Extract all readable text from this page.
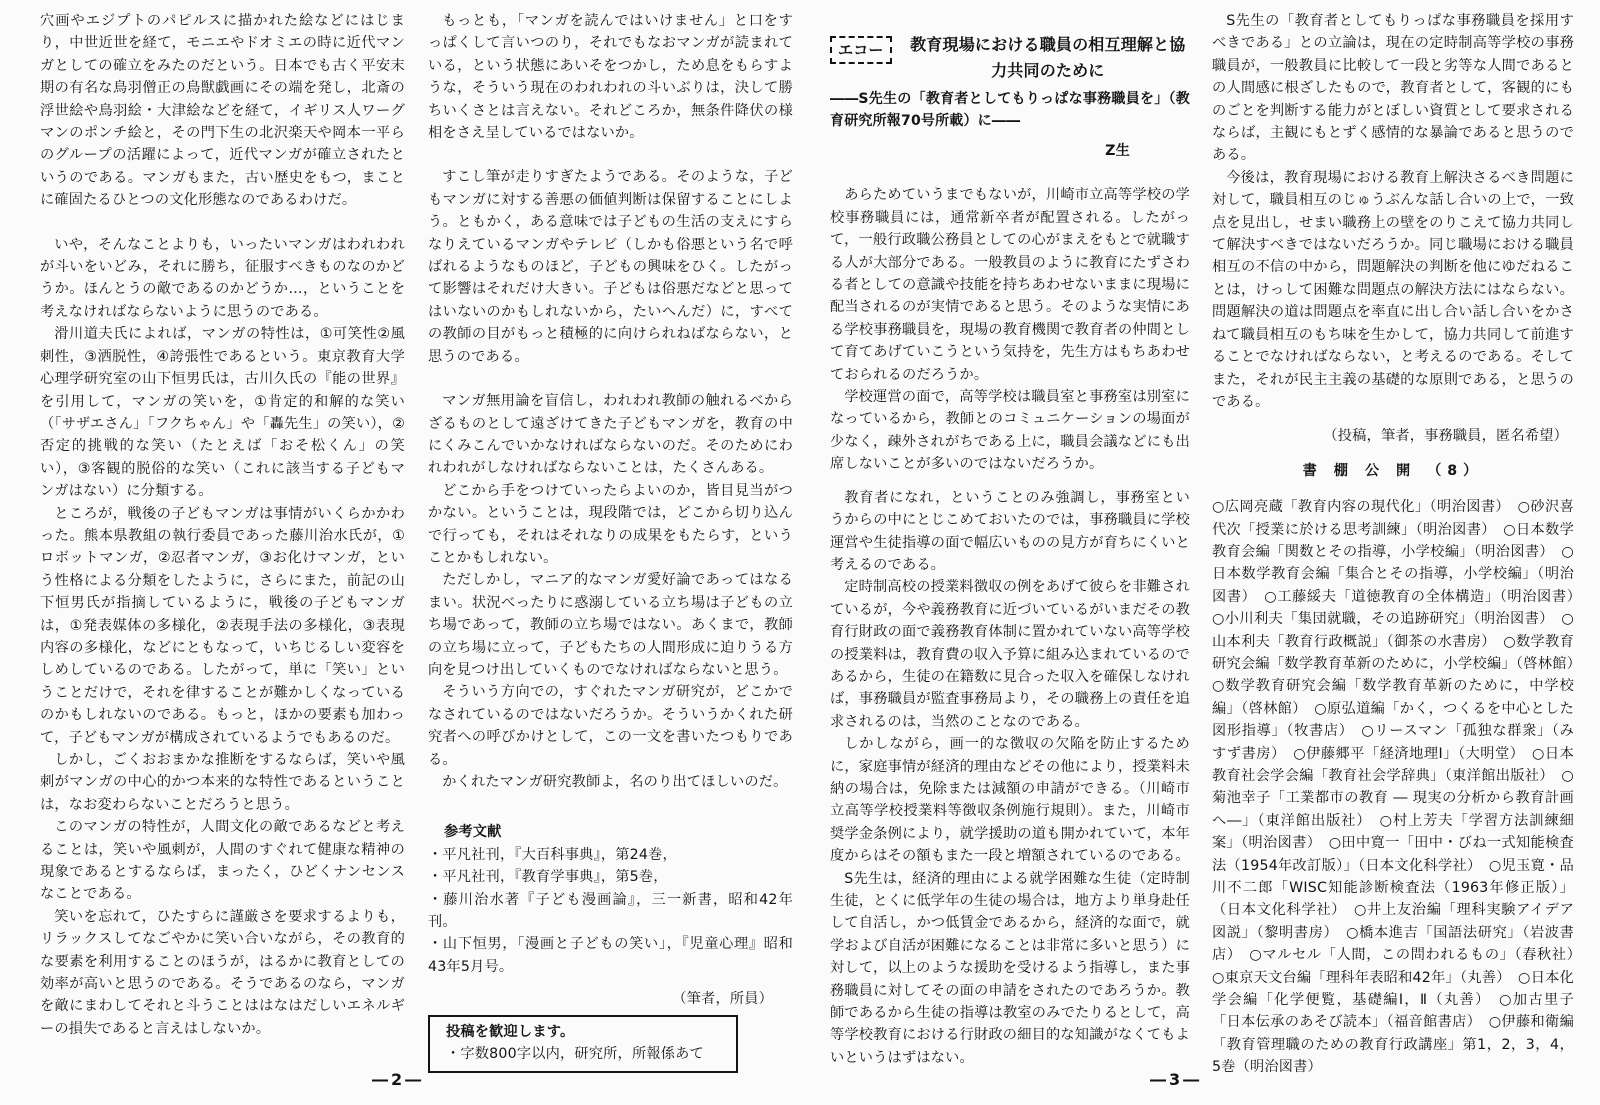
穴画やエジプトのパピルスに描かれた絵などにはじまり，中世近世を経て，モニエやドオミエの時に近代マンガとしての確立をみたのだという。日本でも古く平安末期の有名な鳥羽僧正の鳥獣戯画にその端を発し，北斎の浮世絵や鳥羽絵・大津絵などを経て，イギリス人ワーグマンのポンチ絵と，その門下生の北沢楽天や岡本一平らのグループの活躍によって，近代マンガが確立されたというのである。マンガもまた，古い歴史をもつ，まことに確固たるひとつの文化形態なのであるわけだ。

いや，そんなことよりも，いったいマンガはわれわれが斗いをいどみ，それに勝ち，征服すべきものなのかどうか。ほんとうの敵であるのかどうか…，ということを考えなければならないように思うのである。

滑川道夫氏によれば，マンガの特性は，①可笑性②風刺性，③洒脱性，④誇張性であるという。東京教育大学心理学研究室の山下恒男氏は，古川久氏の『能の世界』を引用して，マンガの笑いを，①肯定的和解的な笑い（「サザエさん」「フクちゃん」や「轟先生」の笑い），②否定的挑戦的な笑い（たとえば「おそ松くん」の笑い），③客観的脱俗的な笑い（これに該当する子どもマンガはない）に分類する。

ところが，戦後の子どもマンガは事情がいくらかかわった。熊本県教組の執行委員であった藤川治水氏が，①ロボットマンガ，②忍者マンガ，③お化けマンガ，という性格による分類をしたように，さらにまた，前記の山下恒男氏が指摘しているように，戦後の子どもマンガは，①発表媒体の多様化，②表現手法の多様化，③表現内容の多様化，などにともなって，いちじるしい変容をしめしているのである。したがって，単に「笑い」ということだけで，それを律することが難かしくなっているのかもしれないのである。もっと，ほかの要素も加わって，子どもマンガが構成されているようでもあるのだ。

しかし，ごくおおまかな推断をするならば，笑いや風刺がマンガの中心的かつ本来的な特性であるということは，なお変わらないことだろうと思う。

このマンガの特性が，人間文化の敵であるなどと考えることは，笑いや風刺が，人間のすぐれて健康な精神の現象であるとするならば，まったく，ひどくナンセンスなことである。

笑いを忘れて，ひたすらに謹厳さを要求するよりも，リラックスしてなごやかに笑い合いながら，その教育的な要素を利用することのほうが，はるかに教育としての効率が高いと思うのである。そうであるのなら，マンガを敵にまわしてそれと斗うことははなはだしいエネルギーの損失であると言えはしないか。

もっとも，「マンガを読んではいけません」と口をすっぱくして言いつのり，それでもなおマンガが読まれている，という状態にあいそをつかし，ため息をもらすような，そういう現在のわれわれの斗いぶりは，決して勝ちいくさとは言えない。それどころか，無条件降伏の様相をさえ呈しているではないか。

すこし筆が走りすぎたようである。そのような，子どもマンガに対する善悪の価値判断は保留することにしよう。ともかく，ある意味では子どもの生活の支えにすらなりえているマンガやテレビ（しかも俗悪という名で呼ばれるようなものほど，子どもの興味をひく。したがって影響はそれだけ大きい。子どもは俗悪だなどと思ってはいないのかもしれないから，たいへんだ）に，すべての教師の目がもっと積極的に向けられねばならない，と思うのである。

マンガ無用論を盲信し，われわれ教師の触れるべからざるものとして遠ざけてきた子どもマンガを，教育の中にくみこんでいかなければならないのだ。そのためにわれわれがしなければならないことは，たくさんある。

どこから手をつけていったらよいのか，皆目見当がつかない。ということは，現段階では，どこから切り込んで行っても，それはそれなりの成果をもたらす，ということかもしれない。

ただしかし，マニア的なマンガ愛好論であってはなるまい。状況べったりに惑溺している立ち場は子どもの立ち場であって，教師の立ち場ではない。あくまで，教師の立ち場に立って，子どもたちの人間形成に迫りうる方向を見つけ出していくものでなければならないと思う。

そういう方向での，すぐれたマンガ研究が，どこかでなされているのではないだろうか。そういうかくれた研究者への呼びかけとして，この一文を書いたつもりである。

かくれたマンガ研究教師よ，名のり出てほしいのだ。

参考文献

・平凡社刊，『大百科事典』，第24巻，

・平凡社刊，『教育学事典』，第5巻，

・藤川治水著『子ども漫画論』，三一新書，昭和42年刊。

・山下恒男，「漫画と子どもの笑い」，『児童心理』昭和43年5月号。

（筆者，所員）
投稿を歓迎します。
・字数800字以内，研究所，所報係あて
エコー	教育現場における職員の相互理解と協力共同のために
――S先生の「教育者としてもりっぱな事務職員を」（教育研究所報70号所載）に――
Z生

あらためていうまでもないが，川崎市立高等学校の学校事務職員には，通常新卒者が配置される。したがって，一般行政職公務員としての心がまえをもとで就職する人が大部分である。一般教員のように教育にたずさわる者としての意識や技能を持ちあわせないままに現場に配当されるのが実情であると思う。そのような実情にある学校事務職員を，現場の教育機関で教育者の仲間として育てあげていこうという気持を，先生方はもちあわせておられるのだろうか。

学校運営の面で，高等学校は職員室と事務室は別室になっているから，教師とのコミュニケーションの場面が少なく，疎外されがちである上に，職員会議などにも出席しないことが多いのではないだろうか。

教育者になれ，ということのみ強調し，事務室というからの中にとじこめておいたのでは，事務職員に学校運営や生徒指導の面で幅広いものの見方が育ちにくいと考えるのである。

定時制高校の授業料徴収の例をあげて彼らを非難されているが，今や義務教育に近づいているがいまだその教育行財政の面で義務教育体制に置かれていない高等学校の授業料は，教育費の収入予算に組み込まれているのであるから，生徒の在籍数に見合った収入を確保しなければ，事務職員が監査事務局より，その職務上の責任を追求されるのは，当然のことなのである。

しかしながら，画一的な徴収の欠陥を防止するために，家庭事情が経済的理由などその他により，授業料未納の場合は，免除または減額の申請ができる。（川崎市立高等学校授業料等徴収条例施行規則）。また，川崎市奨学金条例により，就学援助の道も開かれていて，本年度からはその額もまた一段と増額されているのである。

S先生は，経済的理由による就学困難な生徒（定時制生徒，とくに低学年の生徒の場合は，地方より単身赴任して自活し，かつ低賃金であるから，経済的な面で，就学および自活が困難になることは非常に多いと思う）に対して，以上のような援助を受けるよう指導し，また事務職員に対してその面の申請をされたのであろうか。教師であるから生徒の指導は教室のみでたりるとして，高等学校教育における行財政の細目的な知識がなくてもよいというはずはない。

S先生の「教育者としてもりっぱな事務職員を採用すべきである」との立論は，現在の定時制高等学校の事務職員が，一般教員に比較して一段と劣等な人間であるとの人間感に根ざしたもので，教育者として，客観的にものごとを判断する能力がとぼしい資質として要求されるならば，主観にもとずく感情的な暴論であると思うのである。

今後は，教育現場における教育上解決さるべき問題に対して，職員相互のじゅうぶんな話し合いの上で，一致点を見出し，せまい職務上の壁をのりこえて協力共同して解決すべきではないだろうか。同じ職場における職員相互の不信の中から，問題解決の判断を他にゆだねることは，けっして困難な問題点の解決方法にはならない。問題解決の道は問題点を率直に出し合い話し合いをかさねて職員相互のもち味を生かして，協力共同して前進することでなければならない，と考えるのである。そしてまた，それが民主主義の基礎的な原則である，と思うのである。

（投稿，筆者，事務職員，匿名希望）
書 棚 公 開 （8）

○広岡亮蔵「教育内容の現代化」（明治図書）　○砂沢喜代次「授業に於ける思考訓練」（明治図書）　○日本数学教育会編「関数とその指導，小学校編」（明治図書）　○日本数学教育会編「集合とその指導，小学校編」（明治図書）　○工藤綏夫「道徳教育の全体構造」（明治図書）　○小川利夫「集団就職，その追跡研究」（明治図書）　○山本利夫「教育行政概説」（御茶の水書房）　○数学教育研究会編「数学教育革新のために，小学校編」（啓林館）　○数学教育研究会編「数学教育革新のために，中学校編」（啓林館）　○原弘道編「かく，つくるを中心とした図形指導」（牧書店）　○リースマン「孤独な群衆」（みすず書房）　○伊藤郷平「経済地理Ⅰ」（大明堂）　○日本教育社会学会編「教育社会学辞典」（東洋館出版社）　○菊池幸子「工業都市の教育 ― 現実の分析から教育計画へ―」（東洋館出版社）　○村上芳夫「学習方法訓練細案」（明治図書）　○田中寛一「田中・びね一式知能検査法（1954年改訂版）」（日本文化科学社）　○児玉寛・品川不二郎「WISC知能診断検査法（1963年修正版）」（日本文化科学社）　○井上友治編「理科実験アイデア図説」（黎明書房）　○橋本進吉「国語法研究」（岩波書店）　○マルセル「人間，この問われるもの」（春秋社）　○東京天文台編「理科年表昭和42年」（丸善）　○日本化学会編「化学便覧，基礎編Ⅰ，Ⅱ（丸善）　○加古里子「日本伝承のあそび読本」（福音館書店）　○伊藤和衛編「教育管理職のための教育行政講座」第1，2，3，4，5巻（明治図書）

―2―	―3―
